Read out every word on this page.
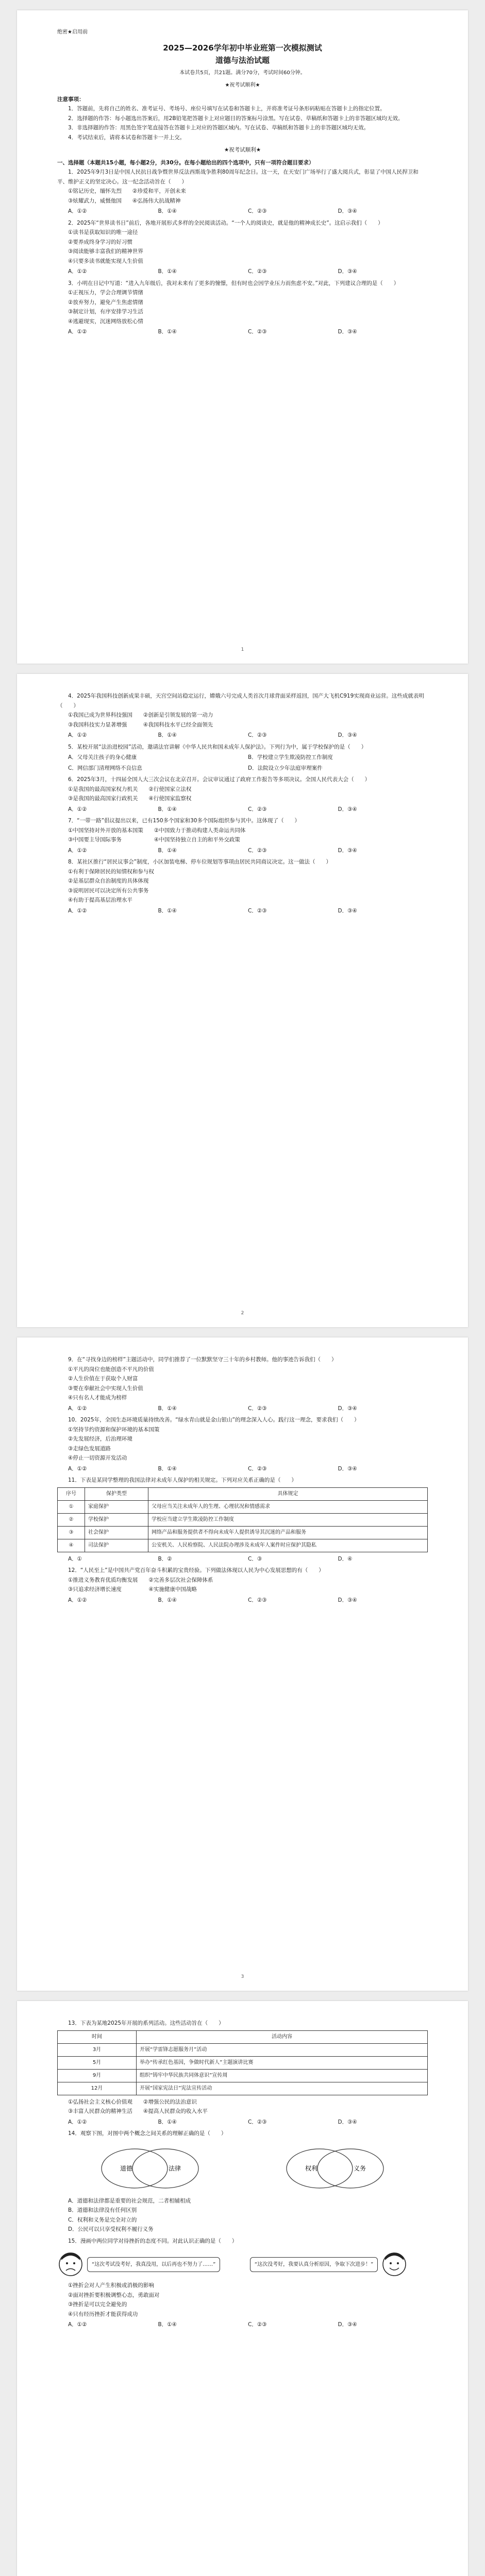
绝密★启用前
2025—2026学年初中毕业班第一次模拟测试
道德与法治试题
本试卷共5页，共21题。满分70分，考试时间60分钟。
★祝考试顺利★
注意事项：

1．答题前，先将自己的姓名、准考证号、考场号、座位号填写在试卷和答题卡上，并将准考证号条形码粘贴在答题卡上的指定位置。

2．选择题的作答：每小题选出答案后，用2B铅笔把答题卡上对应题目的答案标号涂黑。写在试卷、草稿纸和答题卡上的非答题区域均无效。

3．非选择题的作答：用黑色签字笔直接答在答题卡上对应的答题区域内。写在试卷、草稿纸和答题卡上的非答题区域均无效。

4．考试结束后，请将本试卷和答题卡一并上交。

★祝考试顺利★

一、选择题（本题共15小题，每小题2分，共30分。在每小题给出的四个选项中，只有一项符合题目要求）

1．2025年9月3日是中国人民抗日战争暨世界反法西斯战争胜利80周年纪念日。这一天，在天安门广场举行了盛大阅兵式，彰显了中国人民捍卫和平、维护正义的坚定决心。这一纪念活动旨在（　　）

①铭记历史，缅怀先烈　　②珍爱和平，开创未来

③炫耀武力，威慑他国　　④弘扬伟大抗战精神

A．①②	B．①④	C．②③	D．③④

2．2025年“世界读书日”前后，各地开展形式多样的全民阅读活动。“一个人的阅读史，就是他的精神成长史”。这启示我们（　　）

①读书是获取知识的唯一途径

②要养成终身学习的好习惯

③阅读能够丰富我们的精神世界

④只要多读书就能实现人生价值

A．①②	B．①④	C．②③	D．③④

3．小明在日记中写道：“进入九年级后，我对未来有了更多的憧憬，但有时也会因学业压力而焦虑不安。”对此，下列建议合理的是（　　）

①正视压力，学会合理调节情绪

②放弃努力，避免产生焦虑情绪

③制定计划，有序安排学习生活

④逃避现实，沉迷网络放松心情

A．①②	B．①④	C．②③	D．③④
1

4．2025年我国科技创新成果丰硕，天宫空间站稳定运行，嫦娥六号完成人类首次月球背面采样返回，国产大飞机C919实现商业运营。这些成就表明（　　）

①我国已成为世界科技强国　　②创新是引领发展的第一动力

③我国科技实力显著增强　　　④我国科技水平已经全面领先

A．①②	B．①④	C．②③	D．③④

5．某校开展“法治进校园”活动，邀请法官讲解《中华人民共和国未成年人保护法》。下列行为中，属于学校保护的是（　　）

A．父母关注孩子的身心健康	B．学校建立学生欺凌防控工作制度
C．网信部门清理网络不良信息	D．法院设立少年法庭审理案件

6．2025年3月，十四届全国人大三次会议在北京召开。会议审议通过了政府工作报告等多项决议。全国人民代表大会（　　）

①是我国的最高国家权力机关　　②行使国家立法权

③是我国的最高国家行政机关　　④行使国家监察权

A．①②	B．①④	C．②③	D．③④

7．“一带一路”倡议提出以来，已有150多个国家和30多个国际组织参与其中。这体现了（　　）

①中国坚持对外开放的基本国策　　②中国致力于推动构建人类命运共同体

③中国要主导国际事务　　　　　　④中国坚持独立自主的和平外交政策

A．①②	B．①④	C．②③	D．③④

8．某社区推行“居民议事会”制度，小区加装电梯、停车位规划等事项由居民共同商议决定。这一做法（　　）

①有利于保障居民的知情权和参与权

②是基层群众自治制度的具体体现

③说明居民可以决定所有公共事务

④有助于提高基层治理水平

A．①②	B．①④	C．②③	D．③④
2

9．在“寻找身边的榜样”主题活动中，同学们推荐了一位默默坚守三十年的乡村教师。他的事迹告诉我们（　　）

①平凡的岗位也能创造不平凡的价值

②人生价值在于获取个人财富

③要在奉献社会中实现人生价值

④只有名人才能成为榜样

A．①②	B．①④	C．②③	D．③④

10．2025年，全国生态环境质量持续改善。“绿水青山就是金山银山”的理念深入人心。践行这一理念，要求我们（　　）

①坚持节约资源和保护环境的基本国策

②先发展经济，后治理环境

③走绿色发展道路

④停止一切资源开发活动

A．①②	B．①④	C．②③	D．③④

11．下表是某同学整理的我国法律对未成年人保护的相关规定。下列对应关系正确的是（　　）

序号	保护类型	具体规定
①	家庭保护	父母应当关注未成年人的生理、心理状况和情感需求
②	学校保护	学校应当建立学生欺凌防控工作制度
③	社会保护	网络产品和服务提供者不得向未成年人提供诱导其沉迷的产品和服务
④	司法保护	公安机关、人民检察院、人民法院办理涉及未成年人案件时应保护其隐私
A．①	B．②	C．③	D．④

12．“人民至上”是中国共产党百年奋斗积累的宝贵经验。下列做法体现以人民为中心发展思想的有（　　）

①推进义务教育优质均衡发展　　②完善多层次社会保障体系

③只追求经济增长速度　　　　　④实施健康中国战略

A．①②	B．①④	C．②③	D．③④
3

13．下表为某地2025年开展的系列活动。这些活动旨在（　　）

时间	活动内容
3月	开展“学雷锋志愿服务月”活动
5月	举办“传承红色基因，争做时代新人”主题演讲比赛
9月	组织“铸牢中华民族共同体意识”宣传周
12月	开展“国家宪法日”宪法宣传活动

①弘扬社会主义核心价值观　　②增强公民的法治意识

③丰富人民群众的精神生活　　④提高人民群众的收入水平

A．①②	B．①④	C．②③	D．③④

14．观察下图，对图中两个概念之间关系的理解正确的是（　　）

道德	法律	权利	义务

A．道德和法律都是重要的社会规范，二者相辅相成

B．道德和法律没有任何区别

C．权利和义务是完全对立的

D．公民可以只享受权利不履行义务

15．漫画中两位同学对待挫折的态度不同。对此认识正确的是（　　）

“这次考试没考好，我真没用，以后再也不努力了……”	“这次没考好，我要认真分析原因，争取下次进步！”

①挫折会对人产生积极或消极的影响

②面对挫折要积极调整心态，勇敢面对

③挫折是可以完全避免的

④只有经历挫折才能获得成功

A．①②	B．①④	C．②③	D．③④
